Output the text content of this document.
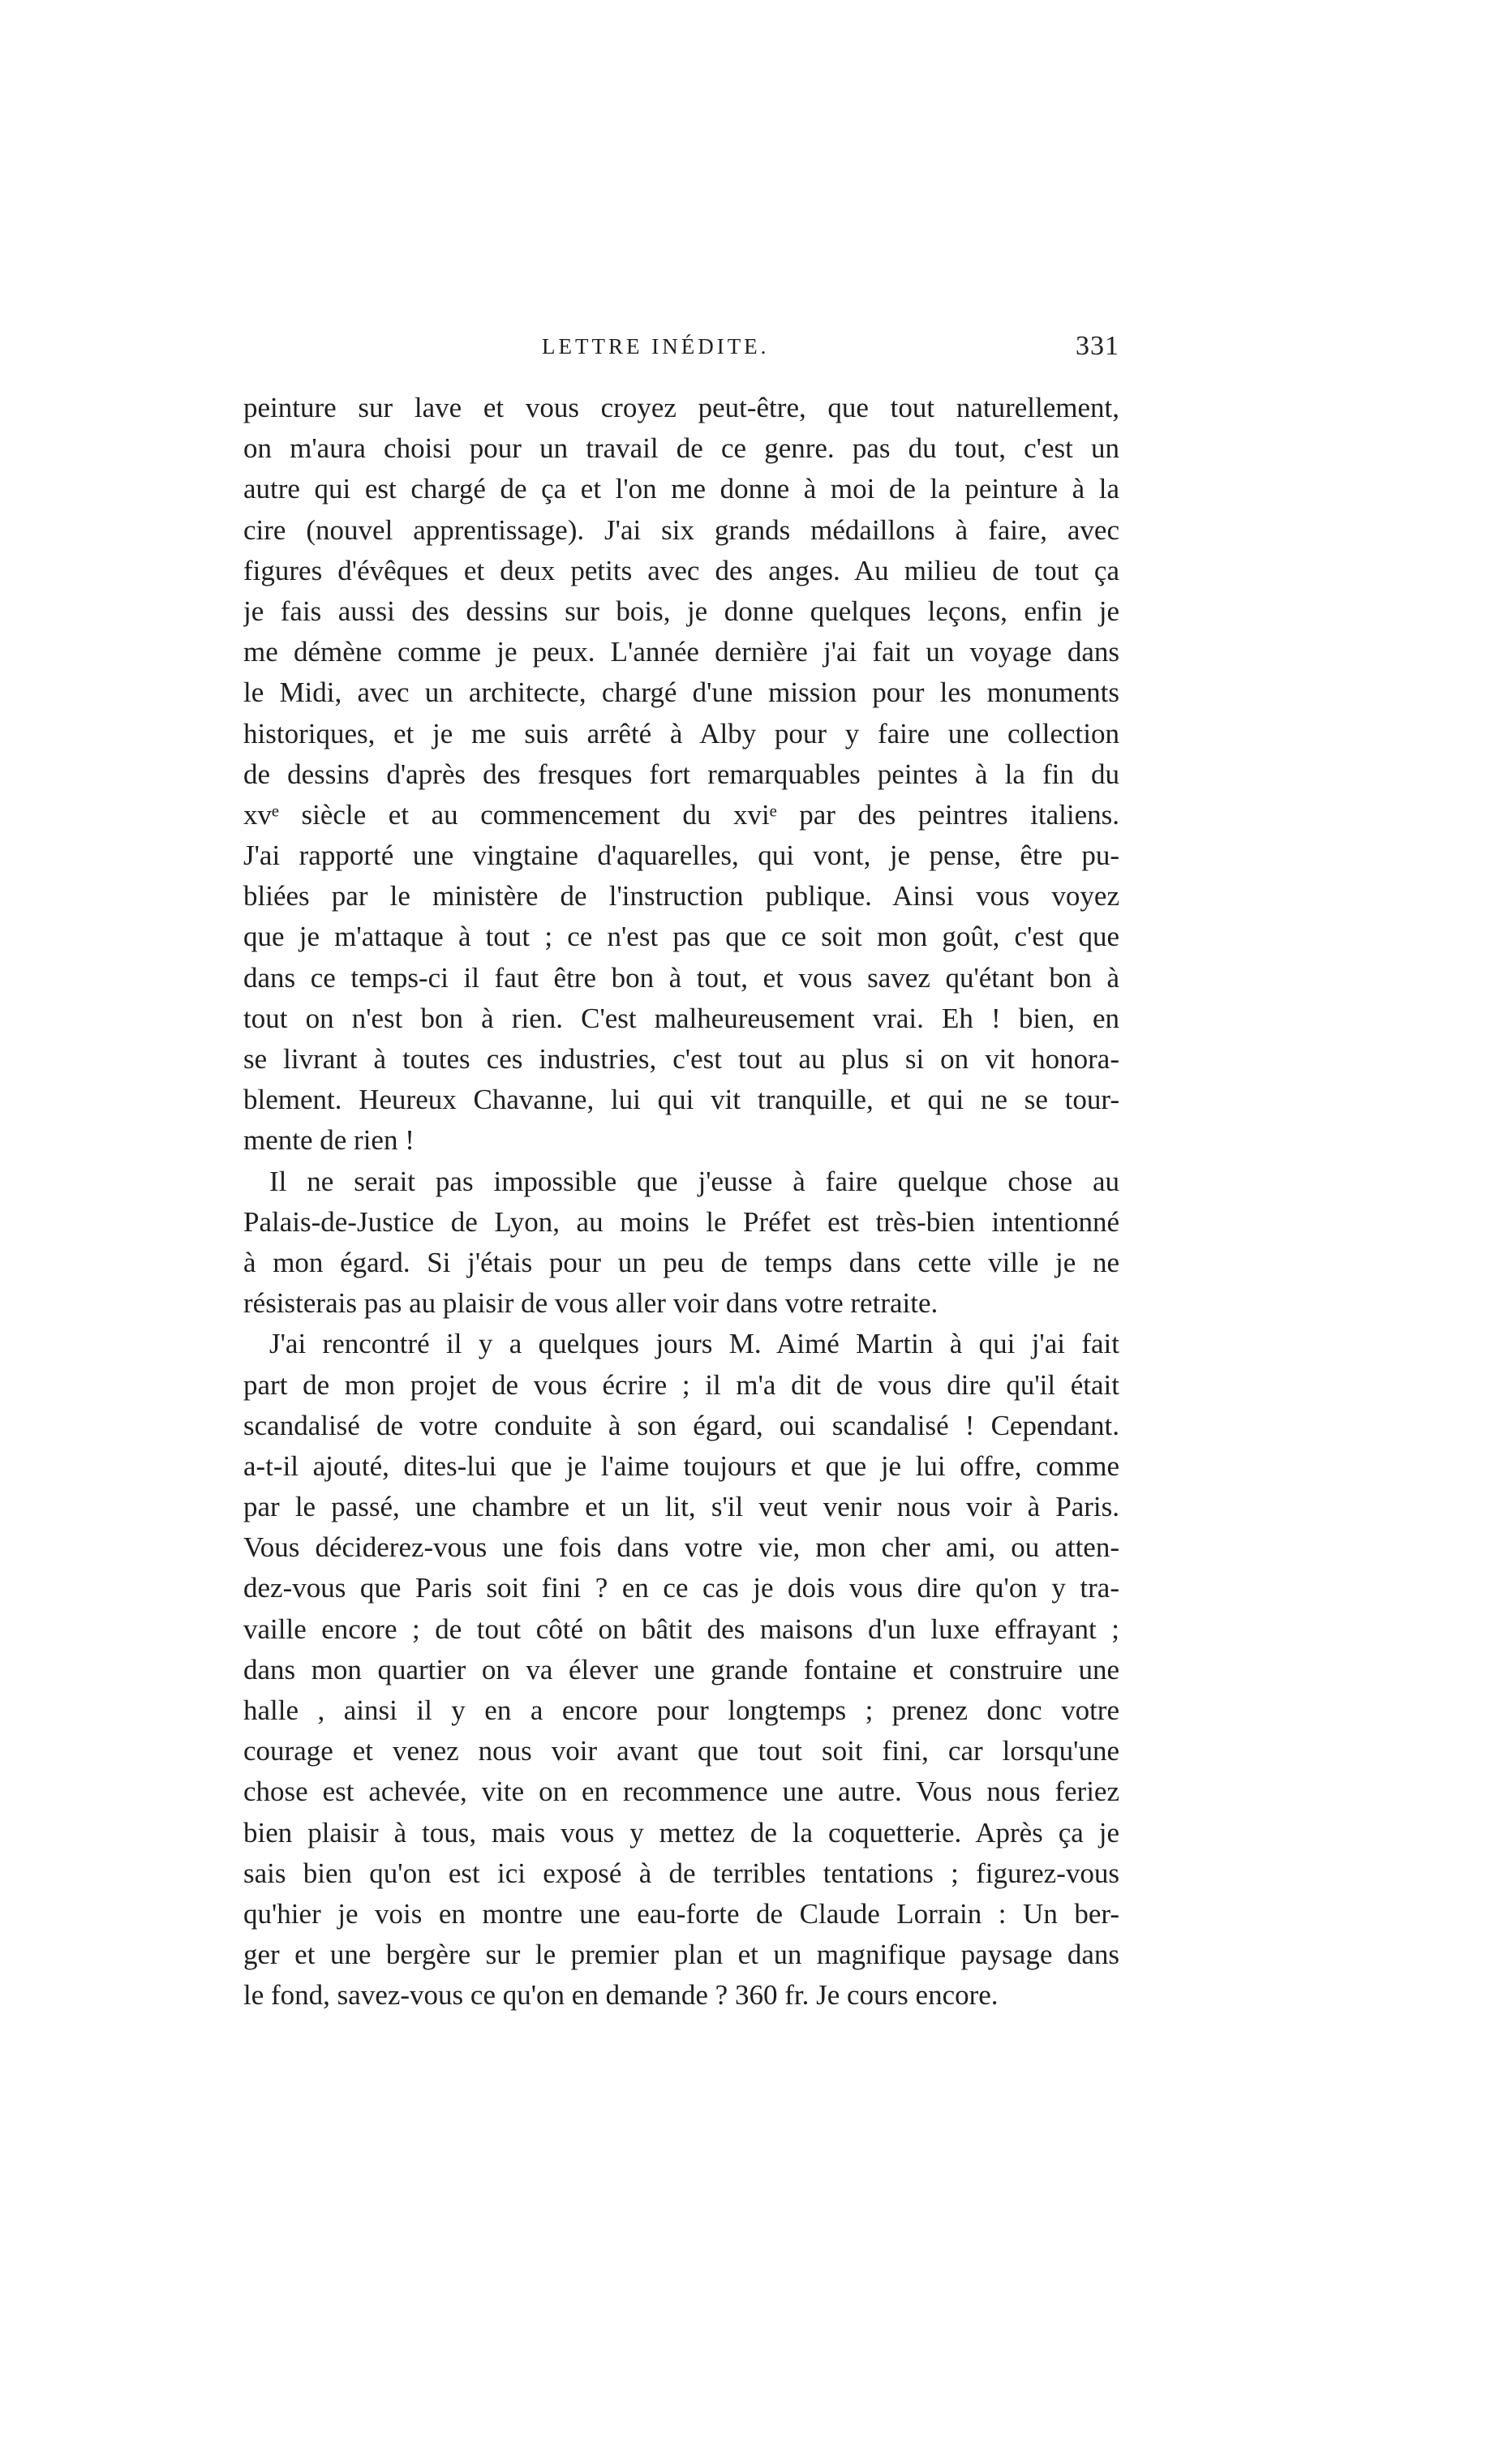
LETTRE INÉDITE.	331
peinture sur lave et vous croyez peut-être, que tout naturellement,
on m'aura choisi pour un travail de ce genre. pas du tout, c'est un
autre qui est chargé de ça et l'on me donne à moi de la peinture à la
cire (nouvel apprentissage). J'ai six grands médaillons à faire, avec
figures d'évêques et deux petits avec des anges. Au milieu de tout ça
je fais aussi des dessins sur bois, je donne quelques leçons, enfin je
me démène comme je peux. L'année dernière j'ai fait un voyage dans
le Midi, avec un architecte, chargé d'une mission pour les monuments
historiques, et je me suis arrêté à Alby pour y faire une collection
de dessins d'après des fresques fort remarquables peintes à la fin du
xvᵉ siècle et au commencement du xviᵉ par des peintres italiens.
J'ai rapporté une vingtaine d'aquarelles, qui vont, je pense, être pu-
bliées par le ministère de l'instruction publique. Ainsi vous voyez
que je m'attaque à tout ; ce n'est pas que ce soit mon goût, c'est que
dans ce temps-ci il faut être bon à tout, et vous savez qu'étant bon à
tout on n'est bon à rien. C'est malheureusement vrai. Eh ! bien, en
se livrant à toutes ces industries, c'est tout au plus si on vit honora-
blement. Heureux Chavanne, lui qui vit tranquille, et qui ne se tour-
mente de rien !
Il ne serait pas impossible que j'eusse à faire quelque chose au
Palais-de-Justice de Lyon, au moins le Préfet est très-bien intentionné
à mon égard. Si j'étais pour un peu de temps dans cette ville je ne
résisterais pas au plaisir de vous aller voir dans votre retraite.
J'ai rencontré il y a quelques jours M. Aimé Martin à qui j'ai fait
part de mon projet de vous écrire ; il m'a dit de vous dire qu'il était
scandalisé de votre conduite à son égard, oui scandalisé ! Cependant.
a-t-il ajouté, dites-lui que je l'aime toujours et que je lui offre, comme
par le passé, une chambre et un lit, s'il veut venir nous voir à Paris.
Vous déciderez-vous une fois dans votre vie, mon cher ami, ou atten-
dez-vous que Paris soit fini ? en ce cas je dois vous dire qu'on y tra-
vaille encore ; de tout côté on bâtit des maisons d'un luxe effrayant ;
dans mon quartier on va élever une grande fontaine et construire une
halle , ainsi il y en a encore pour longtemps ; prenez donc votre
courage et venez nous voir avant que tout soit fini, car lorsqu'une
chose est achevée, vite on en recommence une autre. Vous nous feriez
bien plaisir à tous, mais vous y mettez de la coquetterie. Après ça je
sais bien qu'on est ici exposé à de terribles tentations ; figurez-vous
qu'hier je vois en montre une eau-forte de Claude Lorrain : Un ber-
ger et une bergère sur le premier plan et un magnifique paysage dans
le fond, savez-vous ce qu'on en demande ? 360 fr. Je cours encore.
